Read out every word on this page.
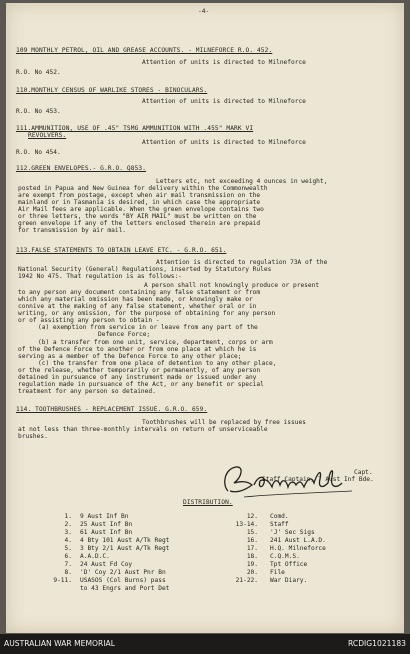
-4-
109 MONTHLY PETROL, OIL AND GREASE ACCOUNTS. - MILNEFORCE R.O. 452.
Attention of units is directed to Milneforce
R.O. No 452.
110.MONTHLY CENSUS OF WARLIKE STORES - BINOCULARS.
Attention of units is directed to Milneforce
R.O. No 453.
111.AMMUNITION, USE OF .45" TSMG AMMUNITION WITH .455" MARK VI
REVOLVERS.
Attention of units is directed to Milneforce
R.O. No 454.
112.GREEN ENVELOPES.- G.R.O. Q853.
Letters etc, not exceeding 4 ounces in weight,
posted in Papua and New Guinea for delivery within the Commonwealth
are exempt from postage, except when air mail transmission on the
mainland or in Tasmania is desired, in which case the appropriate
Air Mail fees are applicable. When the green envelope contains two
or three letters, the words "BY AIR MAIL" must be written on the
green envelope if any of the letters enclosed therein are prepaid
for transmission by air mail.
113.FALSE STATEMENTS TO OBTAIN LEAVE ETC. - G.R.O. 651.
Attention is directed to regulation 73A of the
National Security (General) Regulations, inserted by Statutory Rules
1942 No 475. That regulation is as follows:-
A person shall not knowingly produce or present
to any person any document containing any false statement or from
which any material omission has been made, or knowingly make or
connive at the making of any false statement, whether oral or in
writing, or any omission, for the purpose of obtaining for any person
or of assisting any person to obtain -
(a) exemption from service in or leave from any part of the
Defence Force;
(b) a transfer from one unit, service, department, corps or arm
of the Defence Force to another or from one place at which he is
serving as a member of the Defence Force to any other place;
(c) the transfer from one place of detention to any other place,
or the release, whether temporarily or permanently, of any person
detained in pursuance of any instrument made or issued under any
regulation made in pursuance of the Act, or any benefit or special
treatment for any person so detained.
114. TOOTHBRUSHES - REPLACEMENT ISSUE. G.R.O. 659.
Toothbrushes will be replaced by free issues
at not less than three-monthly intervals on return of unserviceable
brushes.
Capt.
Staff Captain, 7 Aust Inf Bde.
DISTRIBUTION.
1. 9 Aust Inf Bn
2. 25 Aust Inf Bn
3. 61 Aust Inf Bn
4. 4 Bty 101 Aust A/Tk Regt
5. 3 Bty 2/1 Aust A/Tk Regt
6. A.A.D.C.
7. 24 Aust Fd Coy
8. 'D' Coy 2/1 Aust Pnr Bn
9-11. USASOS (Col Burns) pass
to 43 Engrs and Port Det
12. Comd.
13-14. Staff
15. 'J' Sec Sigs
16. 241 Aust L.A.D.
17. H.Q. Milneforce
18. C.Q.M.S.
19. Tpt Office
20. File
21-22. War Diary.
AUSTRALIAN WAR MEMORIAL	RCDIG1021183
